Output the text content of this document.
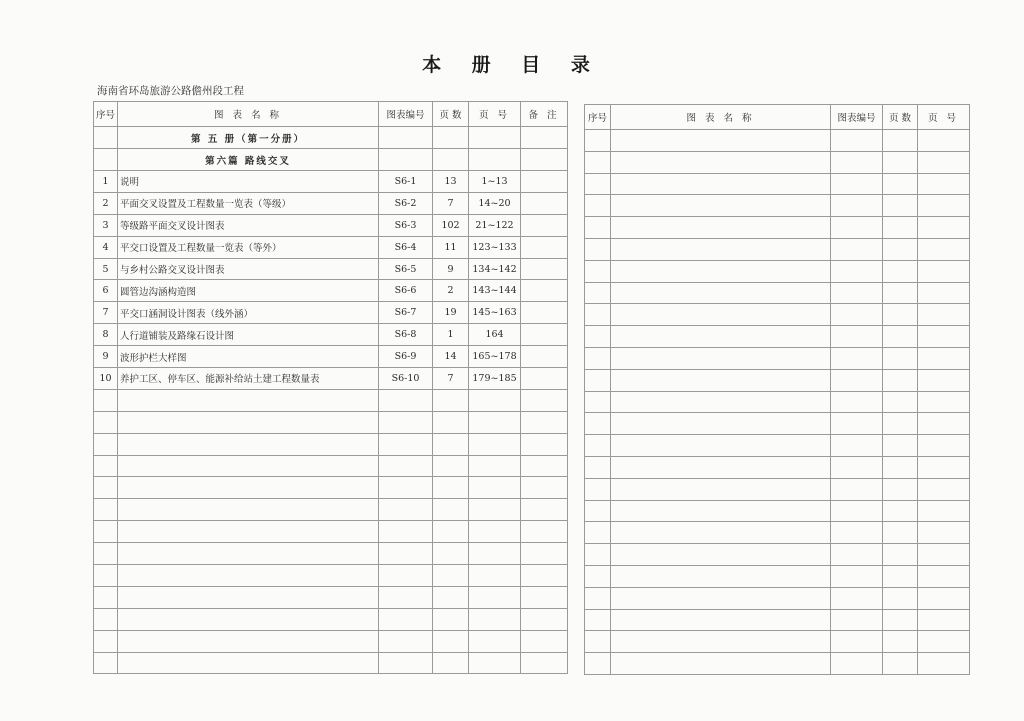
本 册 目 录
海南省环岛旅游公路儋州段工程
序号	图 表 名 称	图表编号	页 数	页 号	备 注
	第 五 册（第一分册）				
	第六篇 路线交叉				
1	说明	S6-1	13	1~13	
2	平面交叉设置及工程数量一览表（等级）	S6-2	7	14~20	
3	等级路平面交叉设计图表	S6-3	102	21~122	
4	平交口设置及工程数量一览表（等外）	S6-4	11	123~133	
5	与乡村公路交叉设计图表	S6-5	9	134~142	
6	圆管边沟涵构造图	S6-6	2	143~144	
7	平交口涵洞设计图表（线外涵）	S6-7	19	145~163	
8	人行道铺装及路缘石设计图	S6-8	1	164	
9	波形护栏大样图	S6-9	14	165~178	
10	养护工区、停车区、能源补给站土建工程数量表	S6-10	7	179~185	

序号	图 表 名 称	图表编号	页 数	页 号
